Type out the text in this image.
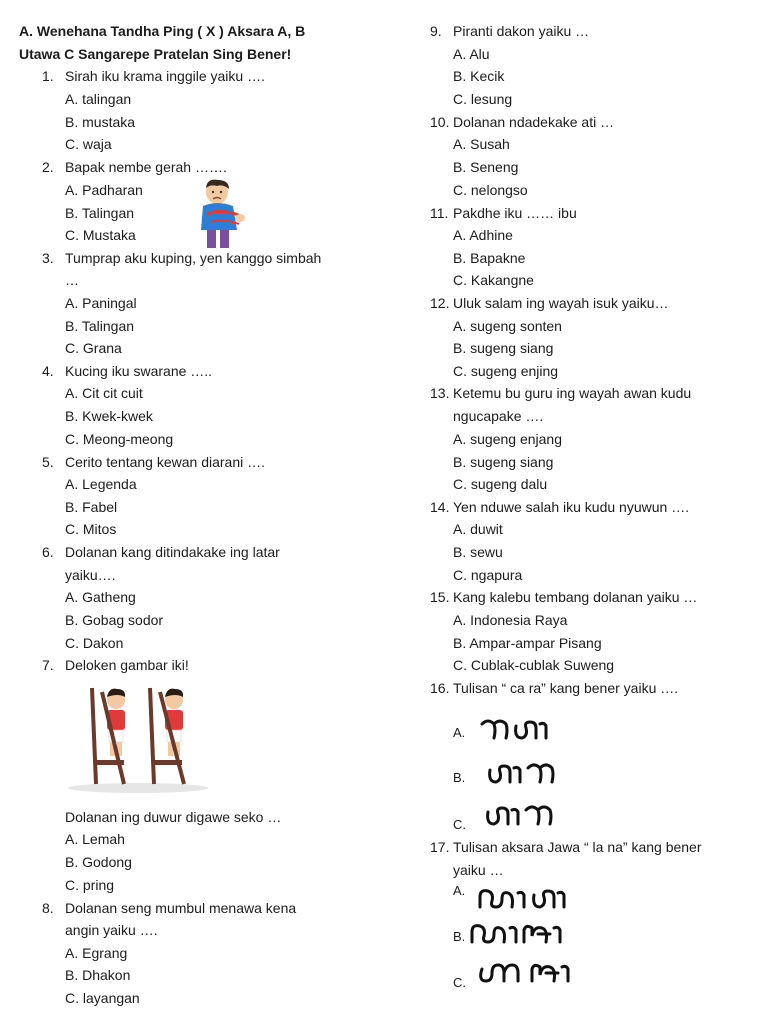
A. Wenehana Tandha Ping ( X ) Aksara A, B
Utawa C Sangarepe Pratelan Sing Bener!
1. Sirah iku krama inggile yaiku ….
A. talingan
B. mustaka
C. waja
2. Bapak nembe gerah …….
A. Padharan
B. Talingan
C. Mustaka
3. Tumprap aku kuping, yen kanggo simbah
…
A. Paningal
B. Talingan
C. Grana
4. Kucing iku swarane …..
A. Cit cit cuit
B. Kwek-kwek
C. Meong-meong
5. Cerito tentang kewan diarani ….
A. Legenda
B. Fabel
C. Mitos
6. Dolanan kang ditindakake ing latar
yaiku….
A. Gatheng
B. Gobag sodor
C. Dakon
7. Deloken gambar iki!
Dolanan ing duwur digawe seko …
A. Lemah
B. Godong
C. pring
8. Dolanan seng mumbul menawa kena
angin yaiku ….
A. Egrang
B. Dhakon
C. layangan
9. Piranti dakon yaiku …
A. Alu
B. Kecik
C. lesung
10. Dolanan ndadekake ati …
A. Susah
B. Seneng
C. nelongso
11. Pakdhe iku …… ibu
A. Adhine
B. Bapakne
C. Kakangne
12. Uluk salam ing wayah isuk yaiku…
A. sugeng sonten
B. sugeng siang
C. sugeng enjing
13. Ketemu bu guru ing wayah awan kudu
ngucapake ….
A. sugeng enjang
B. sugeng siang
C. sugeng dalu
14. Yen nduwe salah iku kudu nyuwun ….
A. duwit
B. sewu
C. ngapura
15. Kang kalebu tembang dolanan yaiku …
A. Indonesia Raya
B. Ampar-ampar Pisang
C. Cublak-cublak Suweng
16. Tulisan “ ca ra” kang bener yaiku ….
A.
B.
C.
17. Tulisan aksara Jawa “ la na” kang bener
yaiku …
A.
B.
C.
